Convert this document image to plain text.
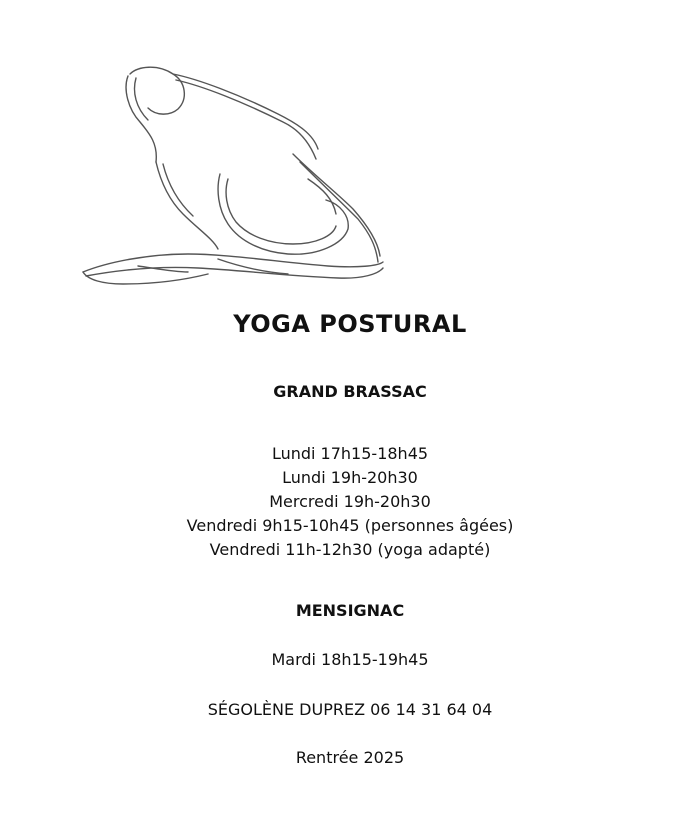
YOGA POSTURAL
GRAND BRASSAC
Lundi 17h15-18h45
Lundi 19h-20h30
Mercredi 19h-20h30
Vendredi 9h15-10h45 (personnes âgées)
Vendredi 11h-12h30 (yoga adapté)
MENSIGNAC
Mardi 18h15-19h45
SÉGOLÈNE DUPREZ 06 14 31 64 04
Rentrée 2025
